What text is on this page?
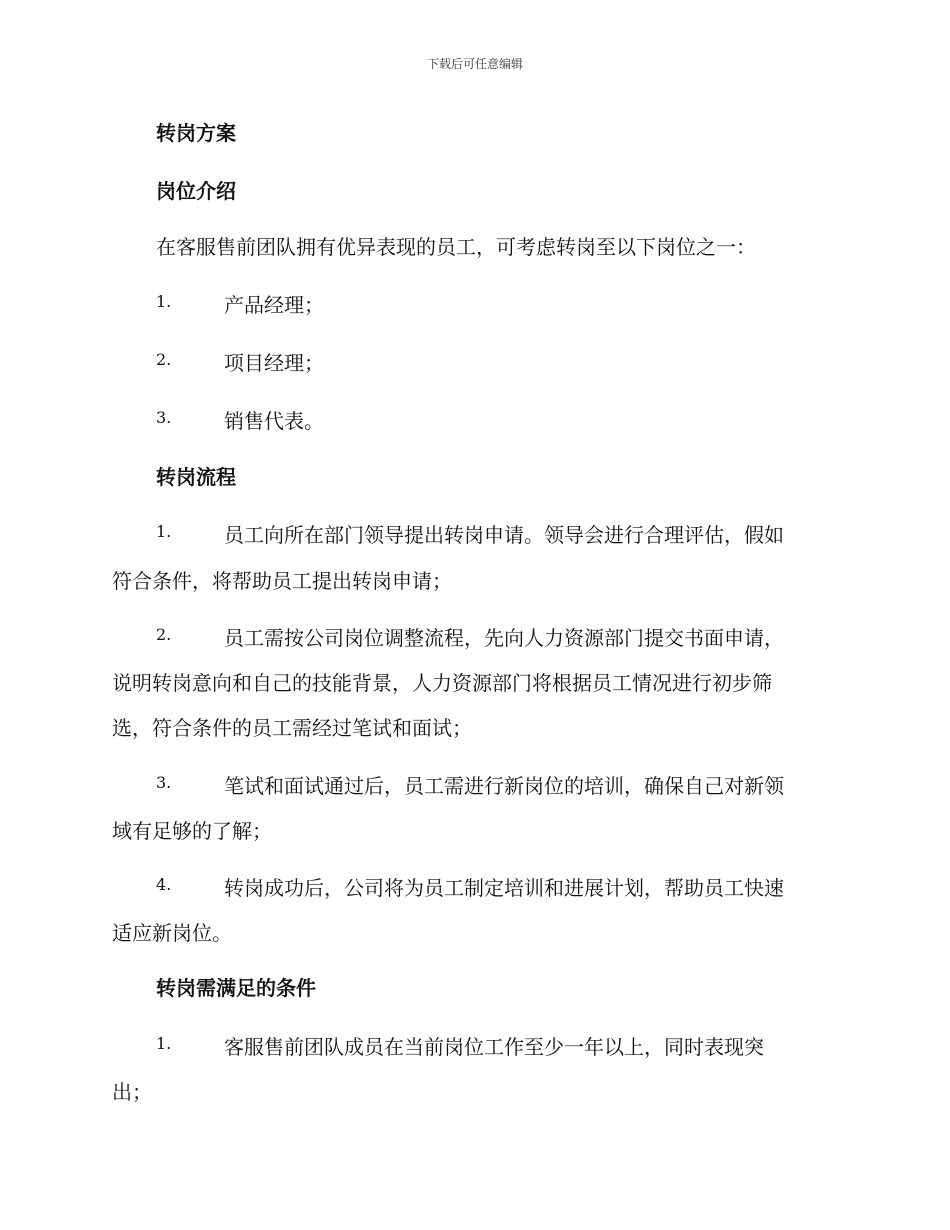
下载后可任意编辑
转岗方案
岗位介绍
在客服售前团队拥有优异表现的员工，可考虑转岗至以下岗位之一：
1.	产品经理；
2.	项目经理；
3.	销售代表。
转岗流程
1.	员工向所在部门领导提出转岗申请。领导会进行合理评估，假如
符合条件，将帮助员工提出转岗申请；
2.	员工需按公司岗位调整流程，先向人力资源部门提交书面申请，
说明转岗意向和自己的技能背景，人力资源部门将根据员工情况进行初步筛
选，符合条件的员工需经过笔试和面试；
3.	笔试和面试通过后，员工需进行新岗位的培训，确保自己对新领
域有足够的了解；
4.	转岗成功后，公司将为员工制定培训和进展计划，帮助员工快速
适应新岗位。
转岗需满足的条件
1.	客服售前团队成员在当前岗位工作至少一年以上，同时表现突
出；
